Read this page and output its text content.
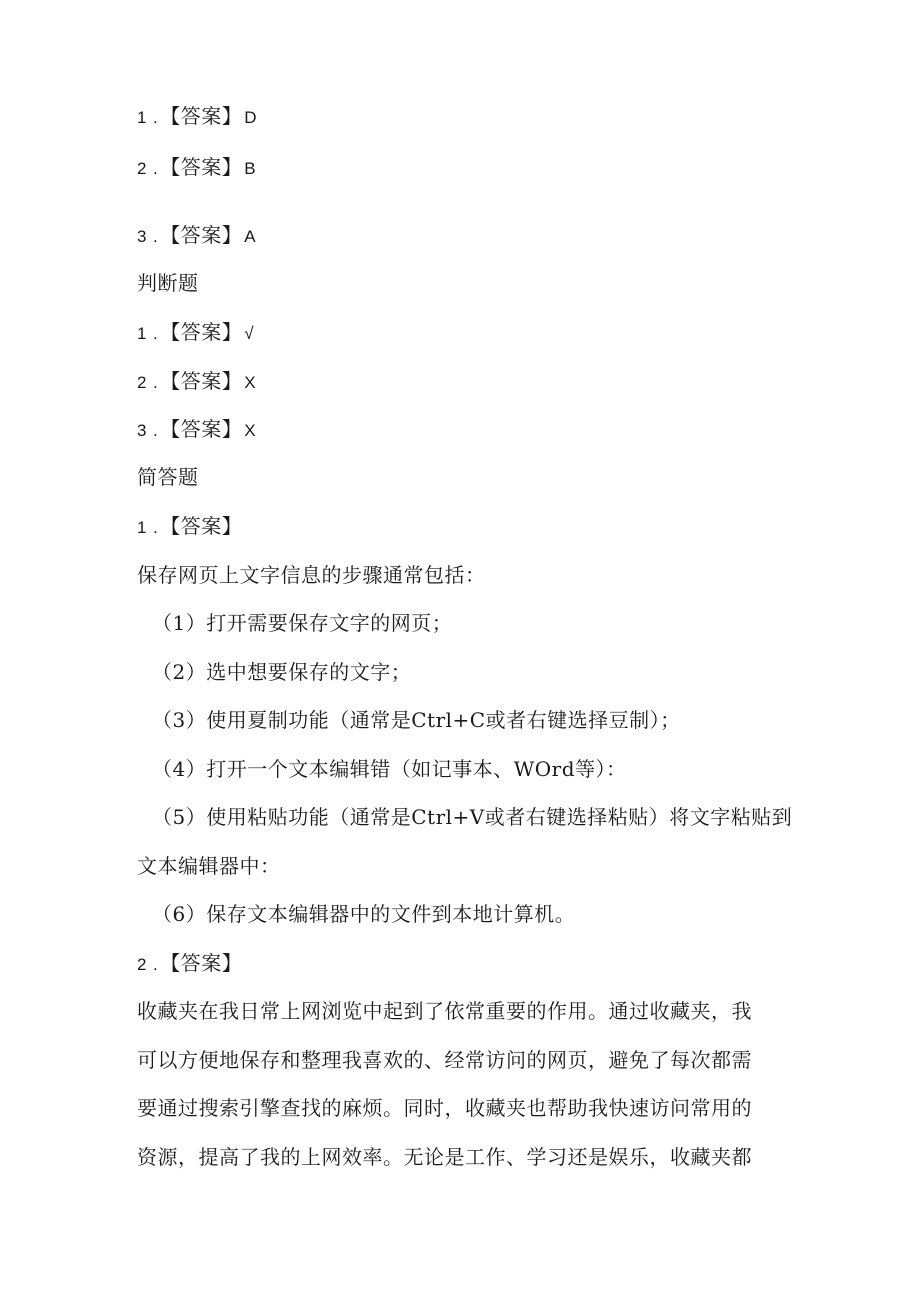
1 . 【答案】 D
2 . 【答案】 B
3 . 【答案】 A
判断题
1 . 【答案】 √
2 . 【答案】 X
3 . 【答案】 X
简答题
1 . 【答案】
保存网页上文字信息的步骤通常包括：
（1）打开需要保存文字的网页；
（2）选中想要保存的文字；
（3）使用夏制功能（通常是Ctrl+C或者右键选择豆制）；
（4）打开一个文本编辑错（如记事本、WOrd等）：
（5）使用粘贴功能（通常是Ctrl+V或者右键选择粘贴）将文字粘贴到
文本编辑器中：
（6）保存文本编辑器中的文件到本地计算机。
2 . 【答案】
收藏夹在我日常上网浏览中起到了依常重要的作用。通过收藏夹，我
可以方便地保存和整理我喜欢的、经常访问的网页，避免了每次都需
要通过搜索引擎查找的麻烦。同时，收藏夹也帮助我快速访问常用的
资源，提高了我的上网效率。无论是工作、学习还是娱乐，收藏夹都
